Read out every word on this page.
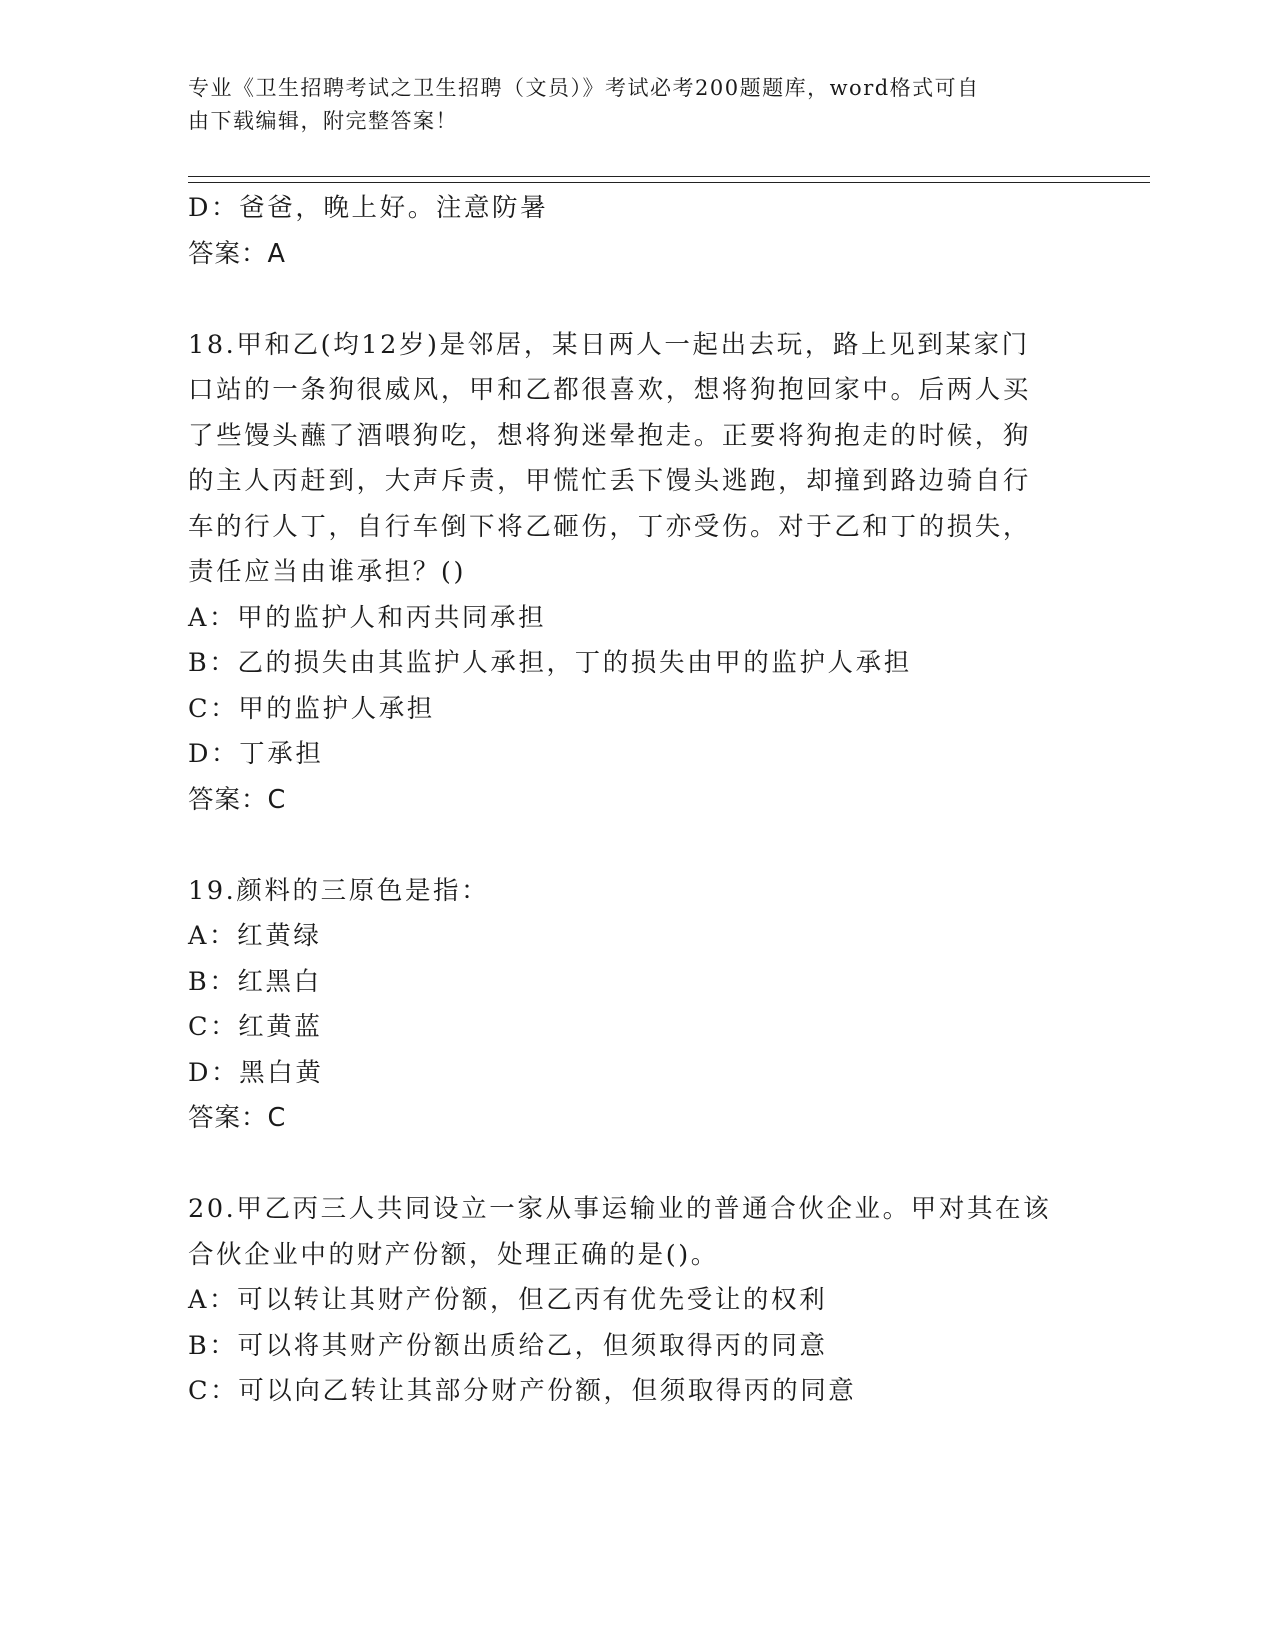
专业《卫生招聘考试之卫生招聘（文员）》考试必考200题题库，word格式可自
由下载编辑，附完整答案！
D：爸爸，晚上好。注意防暑
答案：A
18.甲和乙(均12岁)是邻居，某日两人一起出去玩，路上见到某家门
口站的一条狗很威风，甲和乙都很喜欢，想将狗抱回家中。后两人买
了些馒头蘸了酒喂狗吃，想将狗迷晕抱走。正要将狗抱走的时候，狗
的主人丙赶到，大声斥责，甲慌忙丢下馒头逃跑，却撞到路边骑自行
车的行人丁，自行车倒下将乙砸伤，丁亦受伤。对于乙和丁的损失，
责任应当由谁承担？()
A：甲的监护人和丙共同承担
B：乙的损失由其监护人承担，丁的损失由甲的监护人承担
C：甲的监护人承担
D：丁承担
答案：C
19.颜料的三原色是指：
A：红黄绿
B：红黑白
C：红黄蓝
D：黑白黄
答案：C
20.甲乙丙三人共同设立一家从事运输业的普通合伙企业。甲对其在该
合伙企业中的财产份额，处理正确的是()。
A：可以转让其财产份额，但乙丙有优先受让的权利
B：可以将其财产份额出质给乙，但须取得丙的同意
C：可以向乙转让其部分财产份额，但须取得丙的同意
